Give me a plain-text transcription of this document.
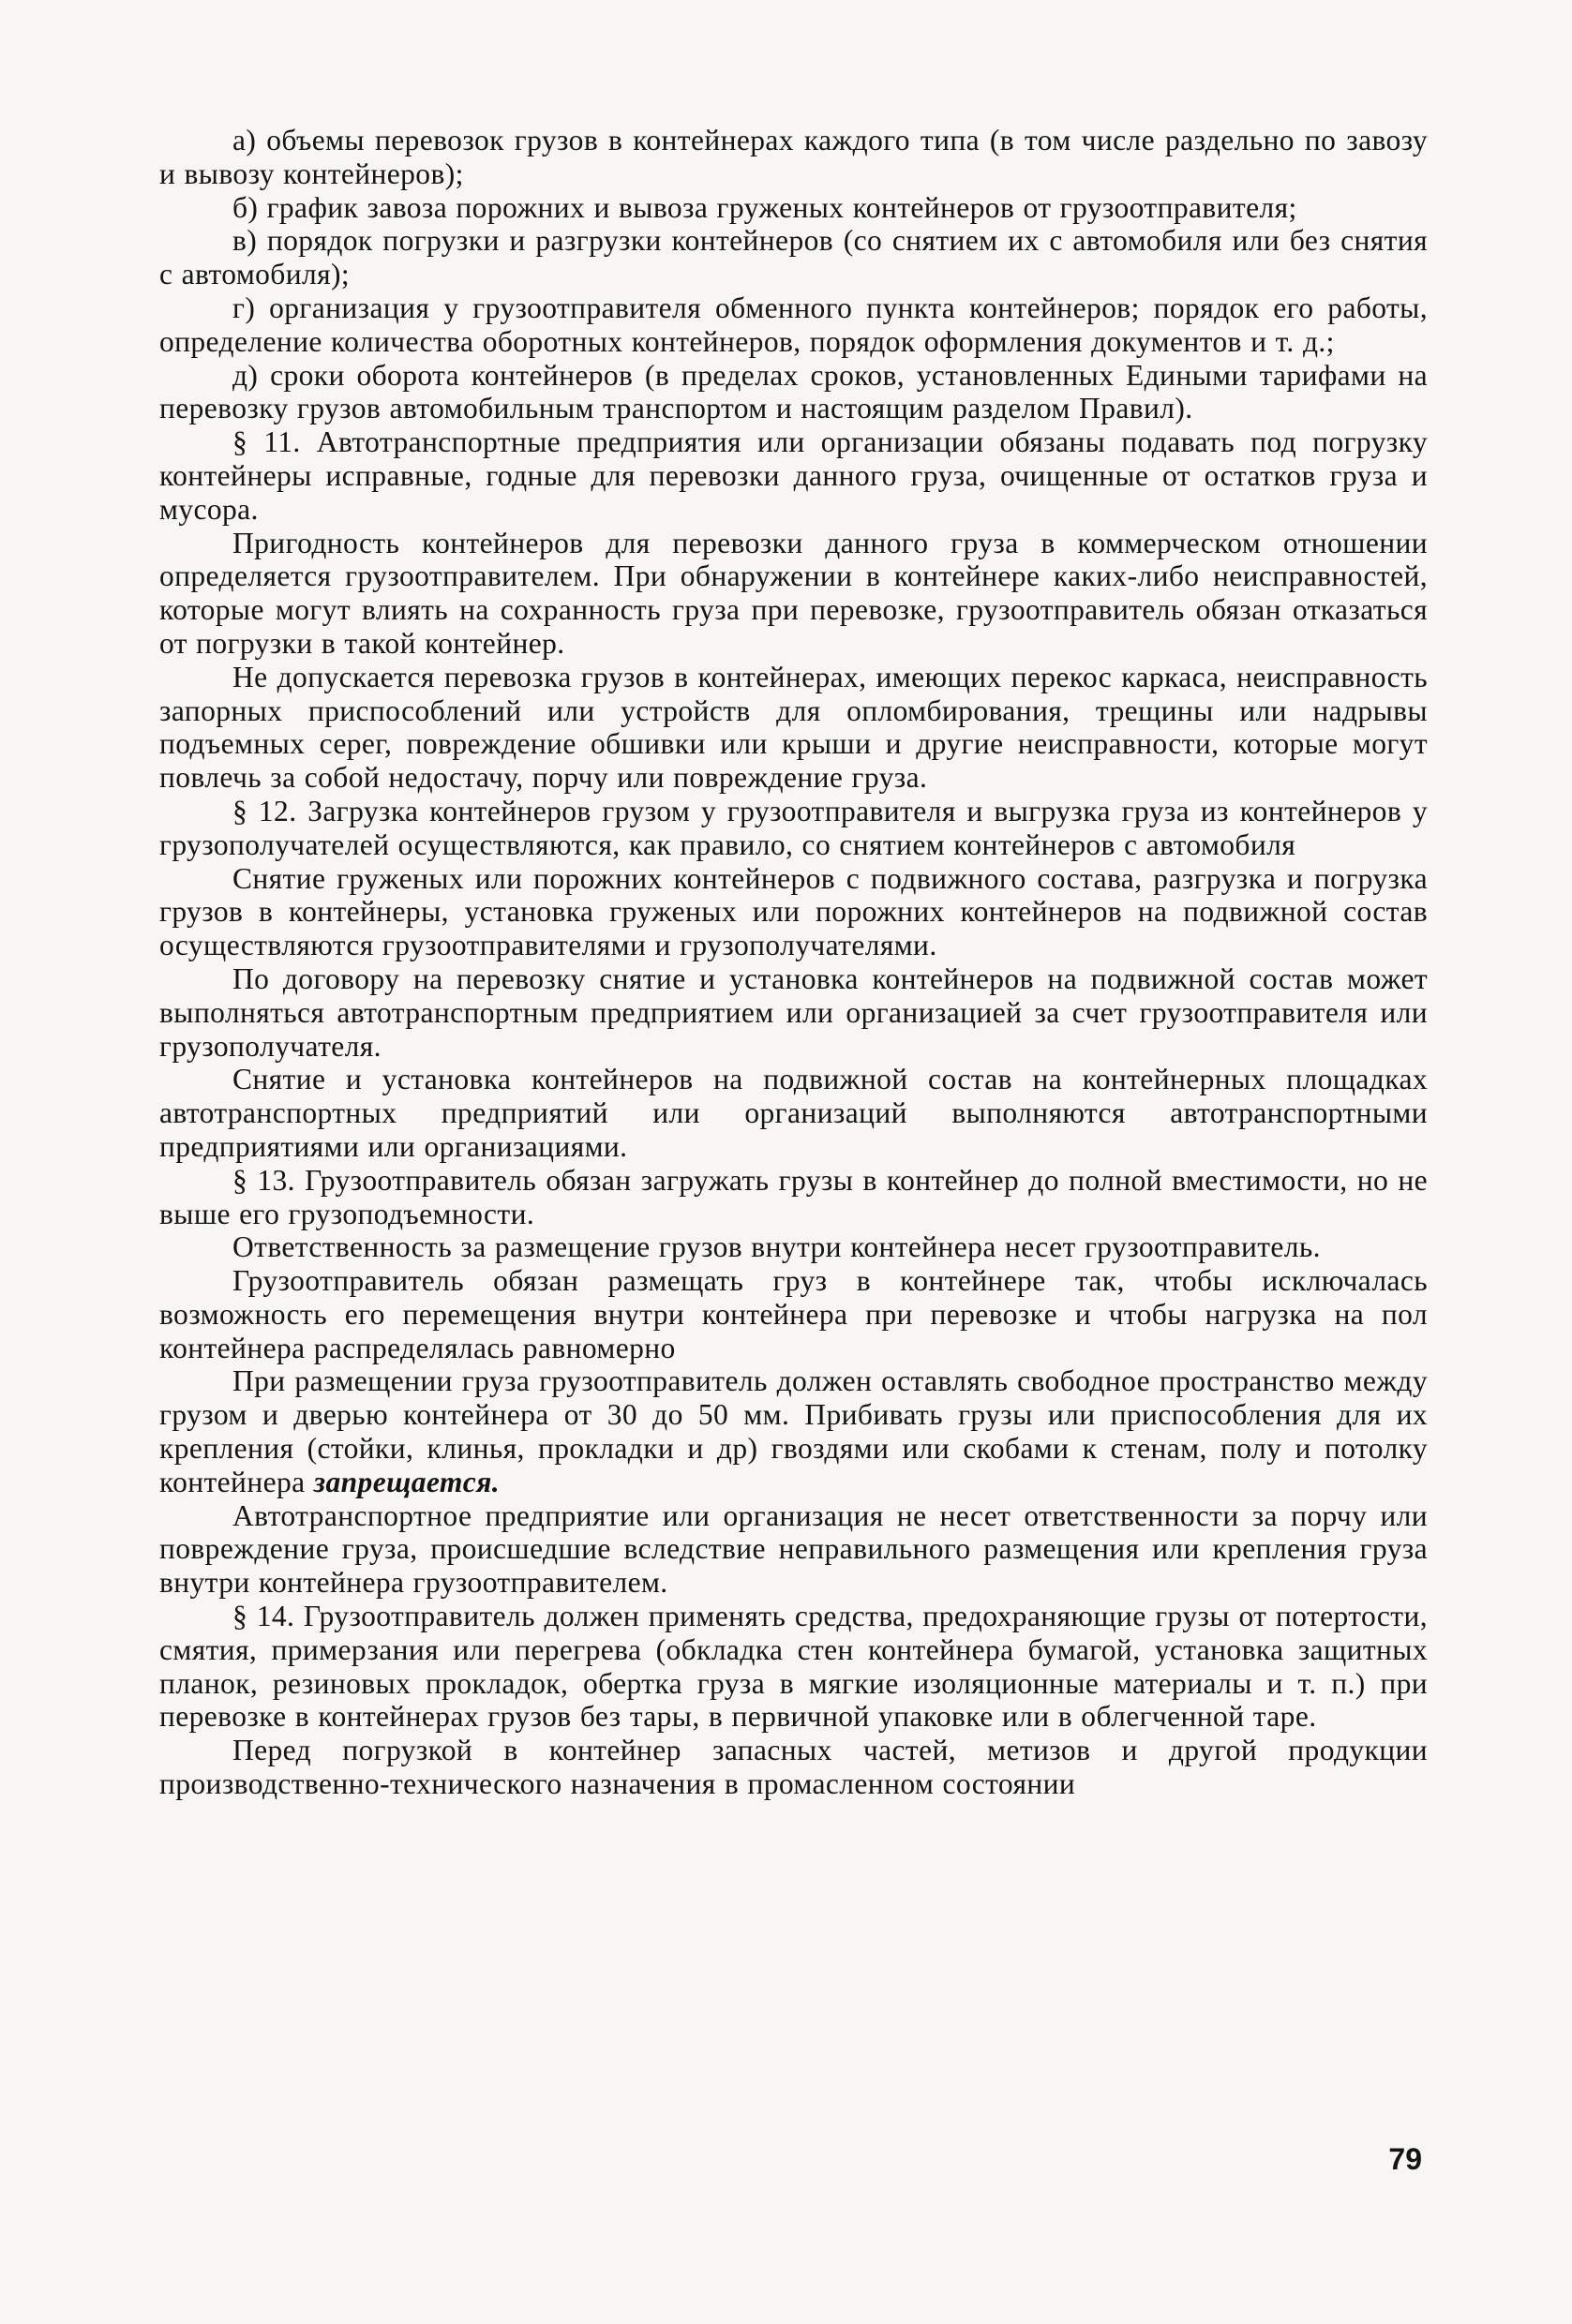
а) объемы перевозок грузов в контейнерах каждого типа (в том числе раздельно по завозу и вывозу контейнеров);

б) график завоза порожних и вывоза груженых контейнеров от грузоотправителя;

в) порядок погрузки и разгрузки контейнеров (со снятием их с автомобиля или без снятия с автомобиля);

г) организация у грузоотправителя обменного пункта контейнеров; порядок его работы, определение количества оборотных контейнеров, порядок оформления документов и т. д.;

д) сроки оборота контейнеров (в пределах сроков, установленных Едиными тарифами на перевозку грузов автомобильным транспортом и настоящим разделом Правил).

§ 11. Автотранспортные предприятия или организации обязаны подавать под погрузку контейнеры исправные, годные для перевозки данного груза, очищенные от остатков груза и мусора.

Пригодность контейнеров для перевозки данного груза в коммерческом отношении определяется грузоотправителем. При обнаружении в контейнере каких-либо неисправностей, которые могут влиять на сохранность груза при перевозке, грузоотправитель обязан отказаться от погрузки в такой контейнер.

Не допускается перевозка грузов в контейнерах, имеющих перекос каркаса, неисправность запорных приспособлений или устройств для опломбирования, трещины или надрывы подъемных серег, повреждение обшивки или крыши и другие неисправности, которые могут повлечь за собой недостачу, порчу или повреждение груза.

§ 12. Загрузка контейнеров грузом у грузоотправителя и выгрузка груза из контейнеров у грузополучателей осуществляются, как правило, со снятием контейнеров с автомобиля

Снятие груженых или порожних контейнеров с подвижного состава, разгрузка и погрузка грузов в контейнеры, установка груженых или порожних контейнеров на подвижной состав осуществляются грузоотправителями и грузополучателями.

По договору на перевозку снятие и установка контейнеров на подвижной состав может выполняться автотранспортным предприятием или организацией за счет грузоотправителя или грузополучателя.

Снятие и установка контейнеров на подвижной состав на контейнерных площадках автотранспортных предприятий или организаций выполняются автотранспортными предприятиями или организациями.

§ 13. Грузоотправитель обязан загружать грузы в контейнер до полной вместимости, но не выше его грузоподъемности.

Ответственность за размещение грузов внутри контейнера несет грузоотправитель.

Грузоотправитель обязан размещать груз в контейнере так, чтобы исключалась возможность его перемещения внутри контейнера при перевозке и чтобы нагрузка на пол контейнера распределялась равномерно

При размещении груза грузоотправитель должен оставлять свободное пространство между грузом и дверью контейнера от 30 до 50 мм. Прибивать грузы или приспособления для их крепления (стойки, клинья, прокладки и др) гвоздями или скобами к стенам, полу и потолку контейнера запрещается.

Автотранспортное предприятие или организация не несет ответственности за порчу или повреждение груза, происшедшие вследствие неправильного размещения или крепления груза внутри контейнера грузоотправителем.

§ 14. Грузоотправитель должен применять средства, предохраняющие грузы от потертости, смятия, примерзания или перегрева (обкладка стен контейнера бумагой, установка защитных планок, резиновых прокладок, обертка груза в мягкие изоляционные материалы и т. п.) при перевозке в контейнерах грузов без тары, в первичной упаковке или в облегченной таре.

Перед погрузкой в контейнер запасных частей, метизов и другой продукции производственно-технического назначения в промасленном состоянии

79
